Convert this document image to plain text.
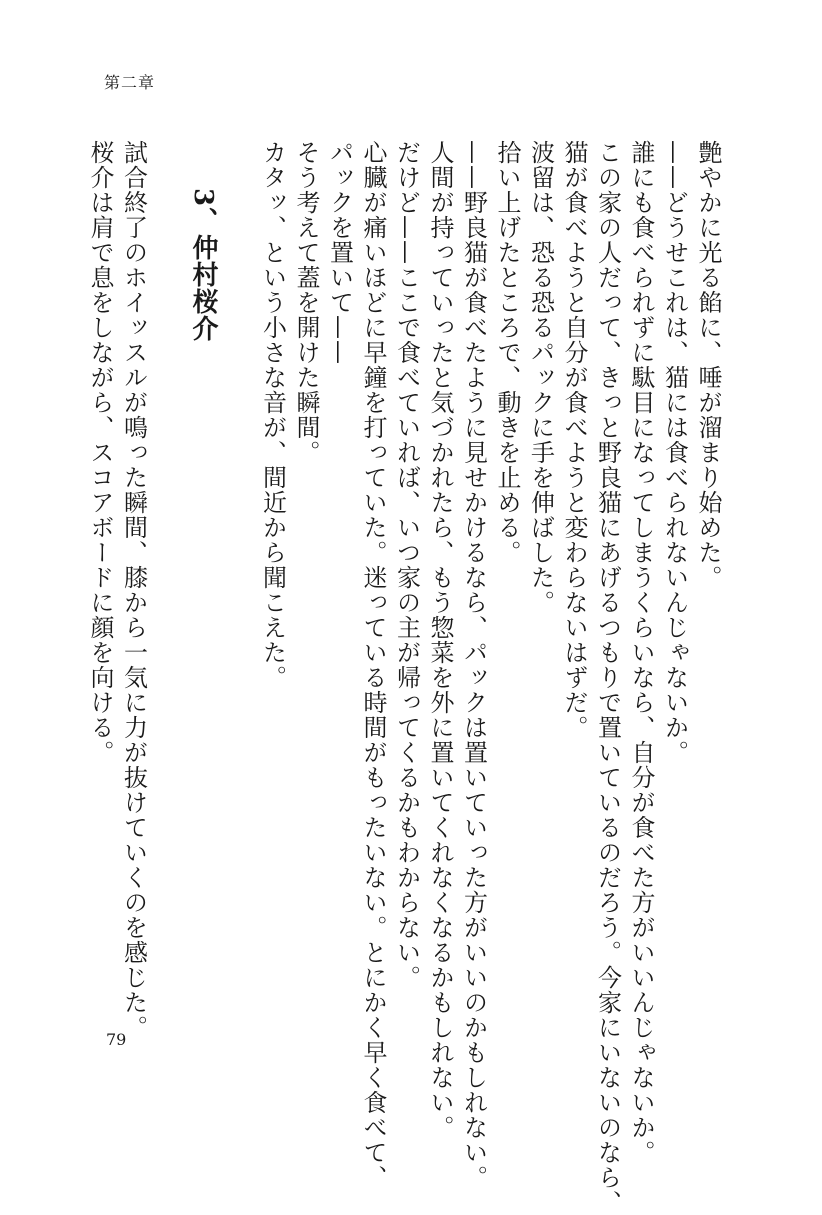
第二章

艶やかに光る餡に、唾が溜まり始めた。

——どうせこれは、猫には食べられないんじゃないか。

誰にも食べられずに駄目になってしまうくらいなら、自分が食べた方がいいんじゃないか。

この家の人だって、きっと野良猫にあげるつもりで置いているのだろう。今家にいないのなら、

猫が食べようと自分が食べようと変わらないはずだ。

波留は、恐る恐るパックに手を伸ばした。

拾い上げたところで、動きを止める。

——野良猫が食べたように見せかけるなら、パックは置いていった方がいいのかもしれない。

人間が持っていったと気づかれたら、もう惣菜を外に置いてくれなくなるかもしれない。

だけど——ここで食べていれば、いつ家の主が帰ってくるかもわからない。

心臓が痛いほどに早鐘を打っていた。迷っている時間がもったいない。とにかく早く食べて、

パックを置いて——

そう考えて蓋を開けた瞬間。

カタッ、という小さな音が、間近から聞こえた。

3、仲村桜介

試合終了のホイッスルが鳴った瞬間、膝から一気に力が抜けていくのを感じた。

桜介は肩で息をしながら、スコアボードに顔を向ける。

79
